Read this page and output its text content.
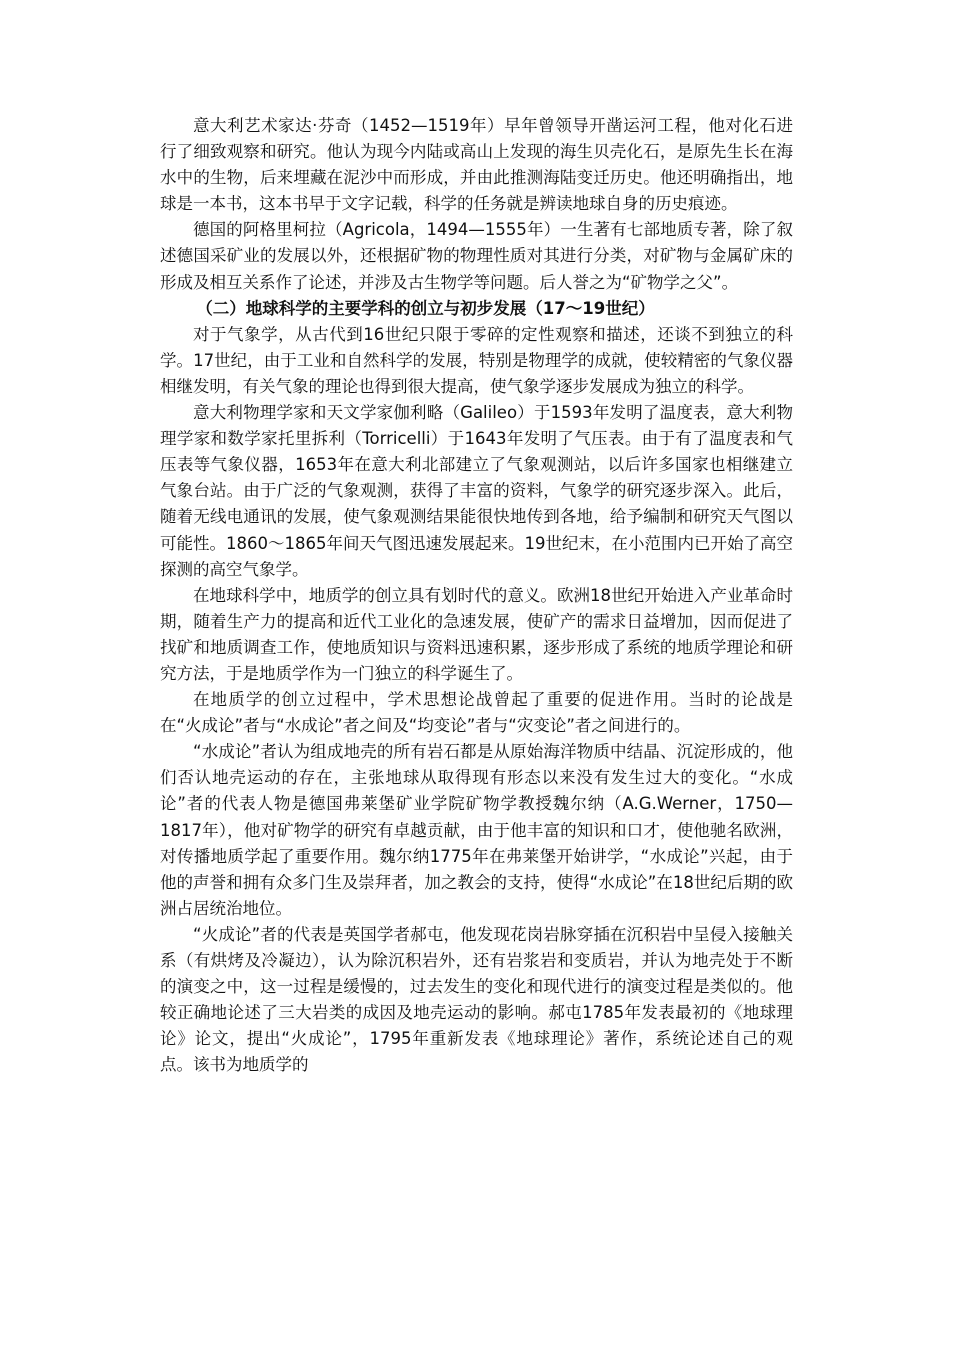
意大利艺术家达·芬奇（1452—1519年）早年曾领导开凿运河工程，他对化石进行了细致观察和研究。他认为现今内陆或高山上发现的海生贝壳化石，是原先生长在海水中的生物，后来埋藏在泥沙中而形成，并由此推测海陆变迁历史。他还明确指出，地球是一本书，这本书早于文字记载，科学的任务就是辨读地球自身的历史痕迹。

德国的阿格里柯拉（Agricola，1494—1555年）一生著有七部地质专著，除了叙述德国采矿业的发展以外，还根据矿物的物理性质对其进行分类，对矿物与金属矿床的形成及相互关系作了论述，并涉及古生物学等问题。后人誉之为“矿物学之父”。

（二）地球科学的主要学科的创立与初步发展（17～19世纪）

对于气象学，从古代到16世纪只限于零碎的定性观察和描述，还谈不到独立的科学。17世纪，由于工业和自然科学的发展，特别是物理学的成就，使较精密的气象仪器相继发明，有关气象的理论也得到很大提高，使气象学逐步发展成为独立的科学。

意大利物理学家和天文学家伽利略（Galileo）于1593年发明了温度表，意大利物理学家和数学家托里拆利（Torricelli）于1643年发明了气压表。由于有了温度表和气压表等气象仪器，1653年在意大利北部建立了气象观测站，以后许多国家也相继建立气象台站。由于广泛的气象观测，获得了丰富的资料，气象学的研究逐步深入。此后，随着无线电通讯的发展，使气象观测结果能很快地传到各地，给予编制和研究天气图以可能性。1860～1865年间天气图迅速发展起来。19世纪末，在小范围内已开始了高空探测的高空气象学。

在地球科学中，地质学的创立具有划时代的意义。欧洲18世纪开始进入产业革命时期，随着生产力的提高和近代工业化的急速发展，使矿产的需求日益增加，因而促进了找矿和地质调查工作，使地质知识与资料迅速积累，逐步形成了系统的地质学理论和研究方法，于是地质学作为一门独立的科学诞生了。

在地质学的创立过程中，学术思想论战曾起了重要的促进作用。当时的论战是在“火成论”者与“水成论”者之间及“均变论”者与“灾变论”者之间进行的。

“水成论”者认为组成地壳的所有岩石都是从原始海洋物质中结晶、沉淀形成的，他们否认地壳运动的存在，主张地球从取得现有形态以来没有发生过大的变化。“水成论”者的代表人物是德国弗莱堡矿业学院矿物学教授魏尔纳（A.G.Werner，1750—1817年），他对矿物学的研究有卓越贡献，由于他丰富的知识和口才，使他驰名欧洲，对传播地质学起了重要作用。魏尔纳1775年在弗莱堡开始讲学，“水成论”兴起，由于他的声誉和拥有众多门生及崇拜者，加之教会的支持，使得“水成论”在18世纪后期的欧洲占居统治地位。

“火成论”者的代表是英国学者郝屯，他发现花岗岩脉穿插在沉积岩中呈侵入接触关系（有烘烤及冷凝边），认为除沉积岩外，还有岩浆岩和变质岩，并认为地壳处于不断的演变之中，这一过程是缓慢的，过去发生的变化和现代进行的演变过程是类似的。他较正确地论述了三大岩类的成因及地壳运动的影响。郝屯1785年发表最初的《地球理论》论文，提出“火成论”，1795年重新发表《地球理论》著作，系统论述自己的观点。该书为地质学的
